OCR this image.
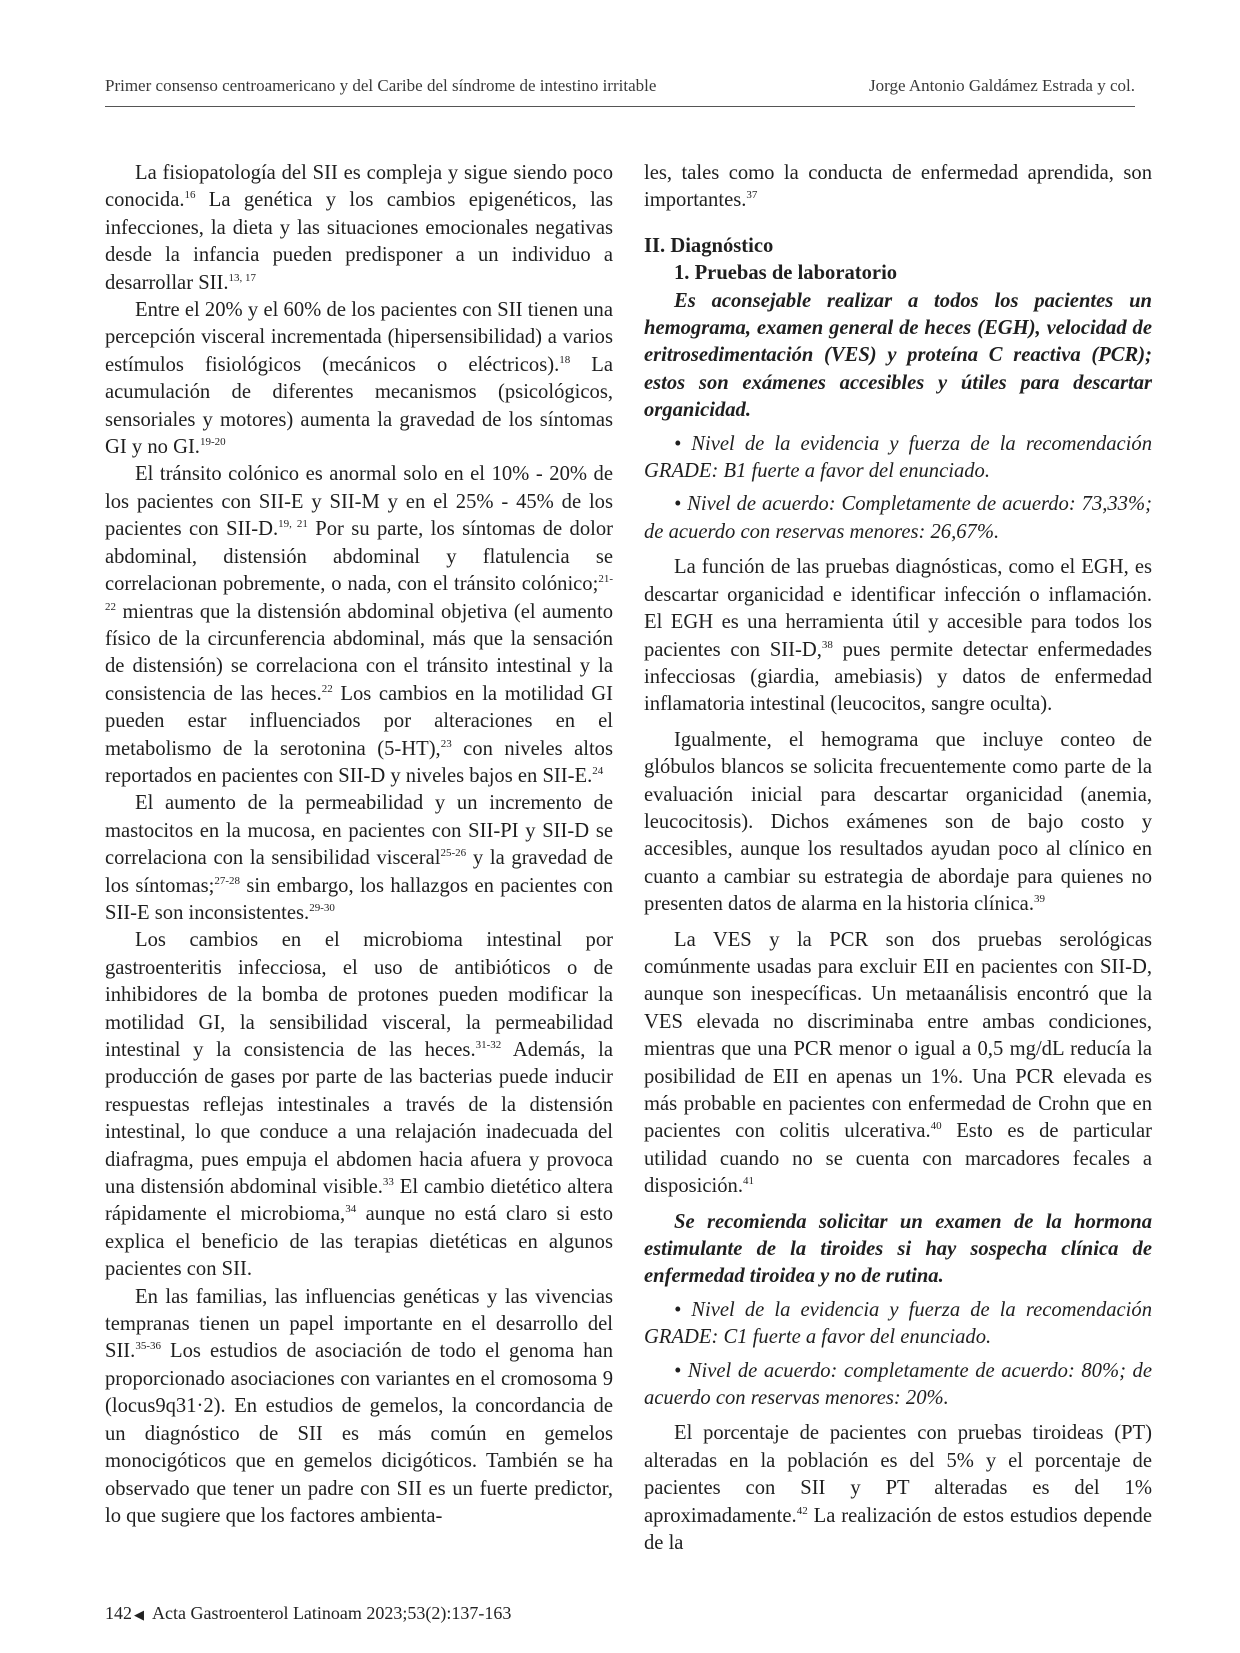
Primer consenso centroamericano y del Caribe del síndrome de intestino irritable	Jorge Antonio Galdámez Estrada y col.

La fisiopatología del SII es compleja y sigue siendo poco conocida.$^{16}$ La genética y los cambios epigenéticos, las infecciones, la dieta y las situaciones emocionales negativas desde la infancia pueden predisponer a un individuo a desarrollar SII.$^{13, 17}$

Entre el 20% y el 60% de los pacientes con SII tienen una percepción visceral incrementada (hipersensibilidad) a varios estímulos fisiológicos (mecánicos o eléctricos).$^{18}$ La acumulación de diferentes mecanismos (psicológicos, sensoriales y motores) aumenta la gravedad de los síntomas GI y no GI.$^{19-20}$

El tránsito colónico es anormal solo en el 10% - 20% de los pacientes con SII-E y SII-M y en el 25% - 45% de los pacientes con SII-D.$^{19, 21}$ Por su parte, los síntomas de dolor abdominal, distensión abdominal y flatulencia se correlacionan pobremente, o nada, con el tránsito colónico;$^{21-22}$ mientras que la distensión abdominal objetiva (el aumento físico de la circunferencia abdominal, más que la sensación de distensión) se correlaciona con el tránsito intestinal y la consistencia de las heces.$^{22}$ Los cambios en la motilidad GI pueden estar influenciados por alteraciones en el metabolismo de la serotonina (5-HT),$^{23}$ con niveles altos reportados en pacientes con SII-D y niveles bajos en SII-E.$^{24}$

El aumento de la permeabilidad y un incremento de mastocitos en la mucosa, en pacientes con SII-PI y SII-D se correlaciona con la sensibilidad visceral$^{25-26}$ y la gravedad de los síntomas;$^{27-28}$ sin embargo, los hallazgos en pacientes con SII-E son inconsistentes.$^{29-30}$

Los cambios en el microbioma intestinal por gastroenteritis infecciosa, el uso de antibióticos o de inhibidores de la bomba de protones pueden modificar la motilidad GI, la sensibilidad visceral, la permeabilidad intestinal y la consistencia de las heces.$^{31-32}$ Además, la producción de gases por parte de las bacterias puede inducir respuestas reflejas intestinales a través de la distensión intestinal, lo que conduce a una relajación inadecuada del diafragma, pues empuja el abdomen hacia afuera y provoca una distensión abdominal visible.$^{33}$ El cambio dietético altera rápidamente el microbioma,$^{34}$ aunque no está claro si esto explica el beneficio de las terapias dietéticas en algunos pacientes con SII.

En las familias, las influencias genéticas y las vivencias tempranas tienen un papel importante en el desarrollo del SII.$^{35-36}$ Los estudios de asociación de todo el genoma han proporcionado asociaciones con variantes en el cromosoma 9 (locus9q31·2). En estudios de gemelos, la concordancia de un diagnóstico de SII es más común en gemelos monocigóticos que en gemelos dicigóticos. También se ha observado que tener un padre con SII es un fuerte predictor, lo que sugiere que los factores ambienta-

les, tales como la conducta de enfermedad aprendida, son importantes.$^{37}$

II. Diagnóstico

1. Pruebas de laboratorio

Es aconsejable realizar a todos los pacientes un hemograma, examen general de heces (EGH), velocidad de eritrosedimentación (VES) y proteína C reactiva (PCR); estos son exámenes accesibles y útiles para descartar organicidad.

• Nivel de la evidencia y fuerza de la recomendación GRADE: B1 fuerte a favor del enunciado.

• Nivel de acuerdo: Completamente de acuerdo: 73,33%; de acuerdo con reservas menores: 26,67%.

La función de las pruebas diagnósticas, como el EGH, es descartar organicidad e identificar infección o inflamación. El EGH es una herramienta útil y accesible para todos los pacientes con SII-D,$^{38}$ pues permite detectar enfermedades infecciosas (giardia, amebiasis) y datos de enfermedad inflamatoria intestinal (leucocitos, sangre oculta).

Igualmente, el hemograma que incluye conteo de glóbulos blancos se solicita frecuentemente como parte de la evaluación inicial para descartar organicidad (anemia, leucocitosis). Dichos exámenes son de bajo costo y accesibles, aunque los resultados ayudan poco al clínico en cuanto a cambiar su estrategia de abordaje para quienes no presenten datos de alarma en la historia clínica.$^{39}$

La VES y la PCR son dos pruebas serológicas comúnmente usadas para excluir EII en pacientes con SII-D, aunque son inespecíficas. Un metaanálisis encontró que la VES elevada no discriminaba entre ambas condiciones, mientras que una PCR menor o igual a 0,5 mg/dL reducía la posibilidad de EII en apenas un 1%. Una PCR elevada es más probable en pacientes con enfermedad de Crohn que en pacientes con colitis ulcerativa.$^{40}$ Esto es de particular utilidad cuando no se cuenta con marcadores fecales a disposición.$^{41}$

Se recomienda solicitar un examen de la hormona estimulante de la tiroides si hay sospecha clínica de enfermedad tiroidea y no de rutina.

• Nivel de la evidencia y fuerza de la recomendación GRADE: C1 fuerte a favor del enunciado.

• Nivel de acuerdo: completamente de acuerdo: 80%; de acuerdo con reservas menores: 20%.

El porcentaje de pacientes con pruebas tiroideas (PT) alteradas en la población es del 5% y el porcentaje de pacientes con SII y PT alteradas es del 1% aproximadamente.$^{42}$ La realización de estos estudios depende de la

142 ◀ Acta Gastroenterol Latinoam 2023;53(2):137-163
